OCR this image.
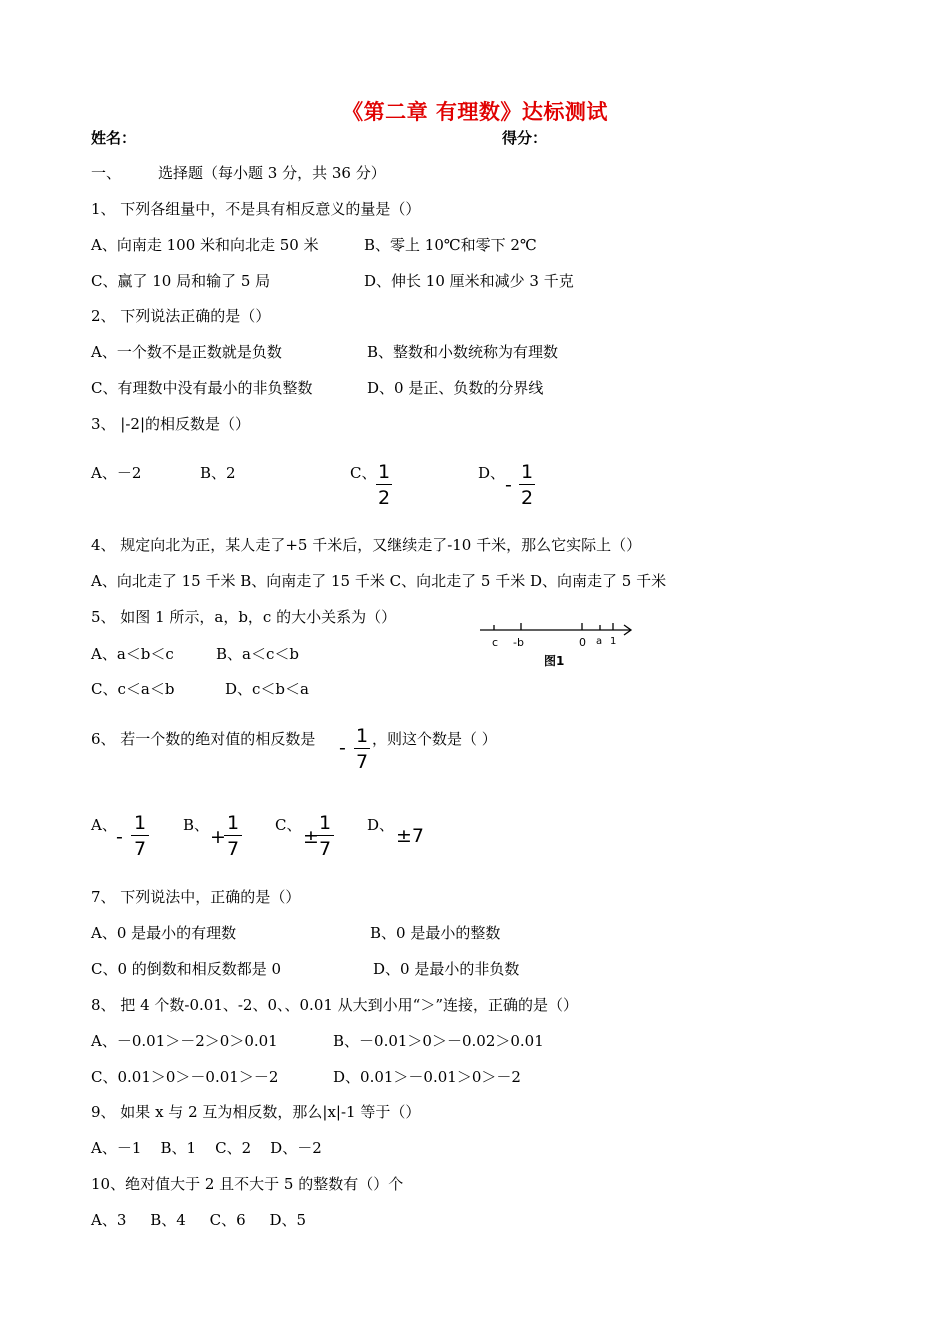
《第二章 有理数》达标测试
姓名：	得分：
一、 选择题（每小题 3 分，共 36 分）
1、 下列各组量中，不是具有相反意义的量是（）
A、向南走 100 米和向北走 50 米	B、零上 10℃和零下 2℃
C、赢了 10 局和输了 5 局	D、伸长 10 厘米和减少 3 千克
2、 下列说法正确的是（）
A、一个数不是正数就是负数	B、整数和小数统称为有理数
C、有理数中没有最小的非负整数	D、0 是正、负数的分界线
3、 |-2|的相反数是（）
A、－2	B、2	C、 1
2
D、
-
1
2
4、 规定向北为正，某人走了+5 千米后，又继续走了-10 千米，那么它实际上（）
A、向北走了 15 千米 B、向南走了 15 千米 C、向北走了 5 千米 D、向南走了 5 千米
5、 如图 1 所示，a，b，c 的大小关系为（）
A、a＜b＜c	B、a＜c＜b
C、c＜a＜b	D、c＜b＜a
c -b	0 a 1
图1
6、 若一个数的绝对值的相反数是 -
1
7
，则这个数是（ ）
A、
-
1
7
B、
+
1
7
C、
±
1
7
D、 ±7
7、 下列说法中，正确的是（）
A、0 是最小的有理数	B、0 是最小的整数
C、0 的倒数和相反数都是 0	D、0 是最小的非负数
8、 把 4 个数-0.01、-2、0、、0.01 从大到小用“＞”连接，正确的是（）
A、－0.01＞－2＞0＞0.01	B、－0.01＞0＞－0.02＞0.01
C、0.01＞0＞－0.01＞－2	D、0.01＞－0.01＞0＞－2
9、 如果 x 与 2 互为相反数，那么|x|-1 等于（）
A、－1    B、1    C、2    D、－2
10、绝对值大于 2 且不大于 5 的整数有（）个
A、3     B、4     C、6     D、5
